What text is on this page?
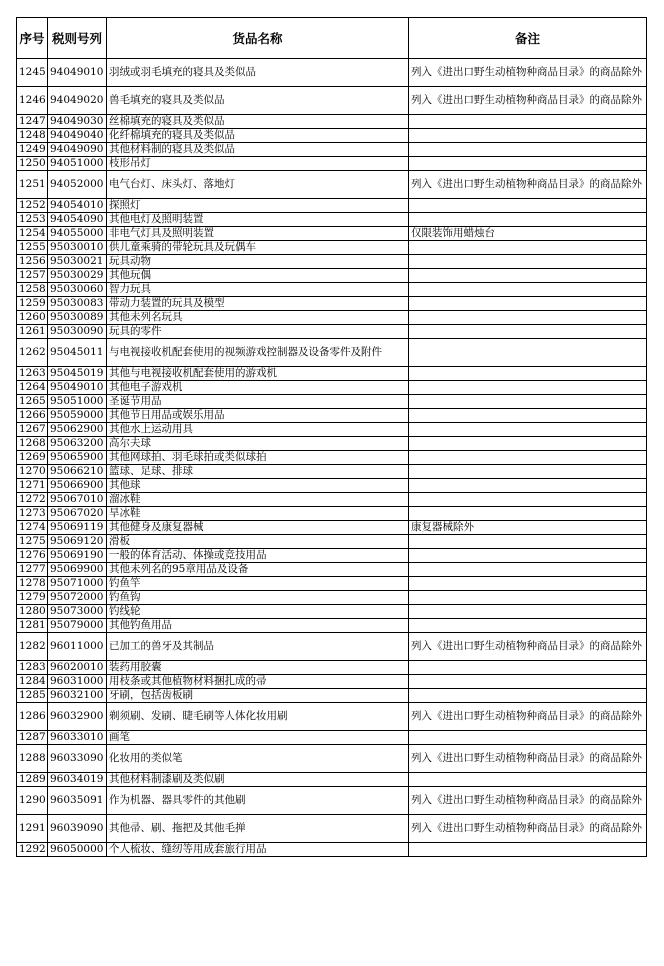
序号	税则号列	货品名称	备注
1245	94049010	羽绒或羽毛填充的寝具及类似品	列入《进出口野生动植物种商品目录》的商品除外
1246	94049020	兽毛填充的寝具及类似品	列入《进出口野生动植物种商品目录》的商品除外
1247	94049030	丝棉填充的寝具及类似品	
1248	94049040	化纤棉填充的寝具及类似品	
1249	94049090	其他材料制的寝具及类似品	
1250	94051000	枝形吊灯	
1251	94052000	电气台灯、床头灯、落地灯	列入《进出口野生动植物种商品目录》的商品除外
1252	94054010	探照灯	
1253	94054090	其他电灯及照明装置	
1254	94055000	非电气灯具及照明装置	仅限装饰用蜡烛台
1255	95030010	供儿童乘骑的带轮玩具及玩偶车	
1256	95030021	玩具动物	
1257	95030029	其他玩偶	
1258	95030060	智力玩具	
1259	95030083	带动力装置的玩具及模型	
1260	95030089	其他未列名玩具	
1261	95030090	玩具的零件	
1262	95045011	与电视接收机配套使用的视频游戏控制器及设备零件及附件	
1263	95045019	其他与电视接收机配套使用的游戏机	
1264	95049010	其他电子游戏机	
1265	95051000	圣诞节用品	
1266	95059000	其他节日用品或娱乐用品	
1267	95062900	其他水上运动用具	
1268	95063200	高尔夫球	
1269	95065900	其他网球拍、羽毛球拍或类似球拍	
1270	95066210	篮球、足球、排球	
1271	95066900	其他球	
1272	95067010	溜冰鞋	
1273	95067020	旱冰鞋	
1274	95069119	其他健身及康复器械	康复器械除外
1275	95069120	滑板	
1276	95069190	一般的体育活动、体操或竞技用品	
1277	95069900	其他未列名的95章用品及设备	
1278	95071000	钓鱼竿	
1279	95072000	钓鱼钩	
1280	95073000	钓线轮	
1281	95079000	其他钓鱼用品	
1282	96011000	已加工的兽牙及其制品	列入《进出口野生动植物种商品目录》的商品除外
1283	96020010	装药用胶囊	
1284	96031000	用枝条或其他植物材料捆扎成的帚	
1285	96032100	牙刷，包括齿板刷	
1286	96032900	剃须刷、发刷、睫毛刷等人体化妆用刷	列入《进出口野生动植物种商品目录》的商品除外
1287	96033010	画笔	
1288	96033090	化妆用的类似笔	列入《进出口野生动植物种商品目录》的商品除外
1289	96034019	其他材料制漆刷及类似刷	
1290	96035091	作为机器、器具零件的其他刷	列入《进出口野生动植物种商品目录》的商品除外
1291	96039090	其他帚、刷、拖把及其他毛掸	列入《进出口野生动植物种商品目录》的商品除外
1292	96050000	个人梳妆、缝纫等用成套旅行用品	
